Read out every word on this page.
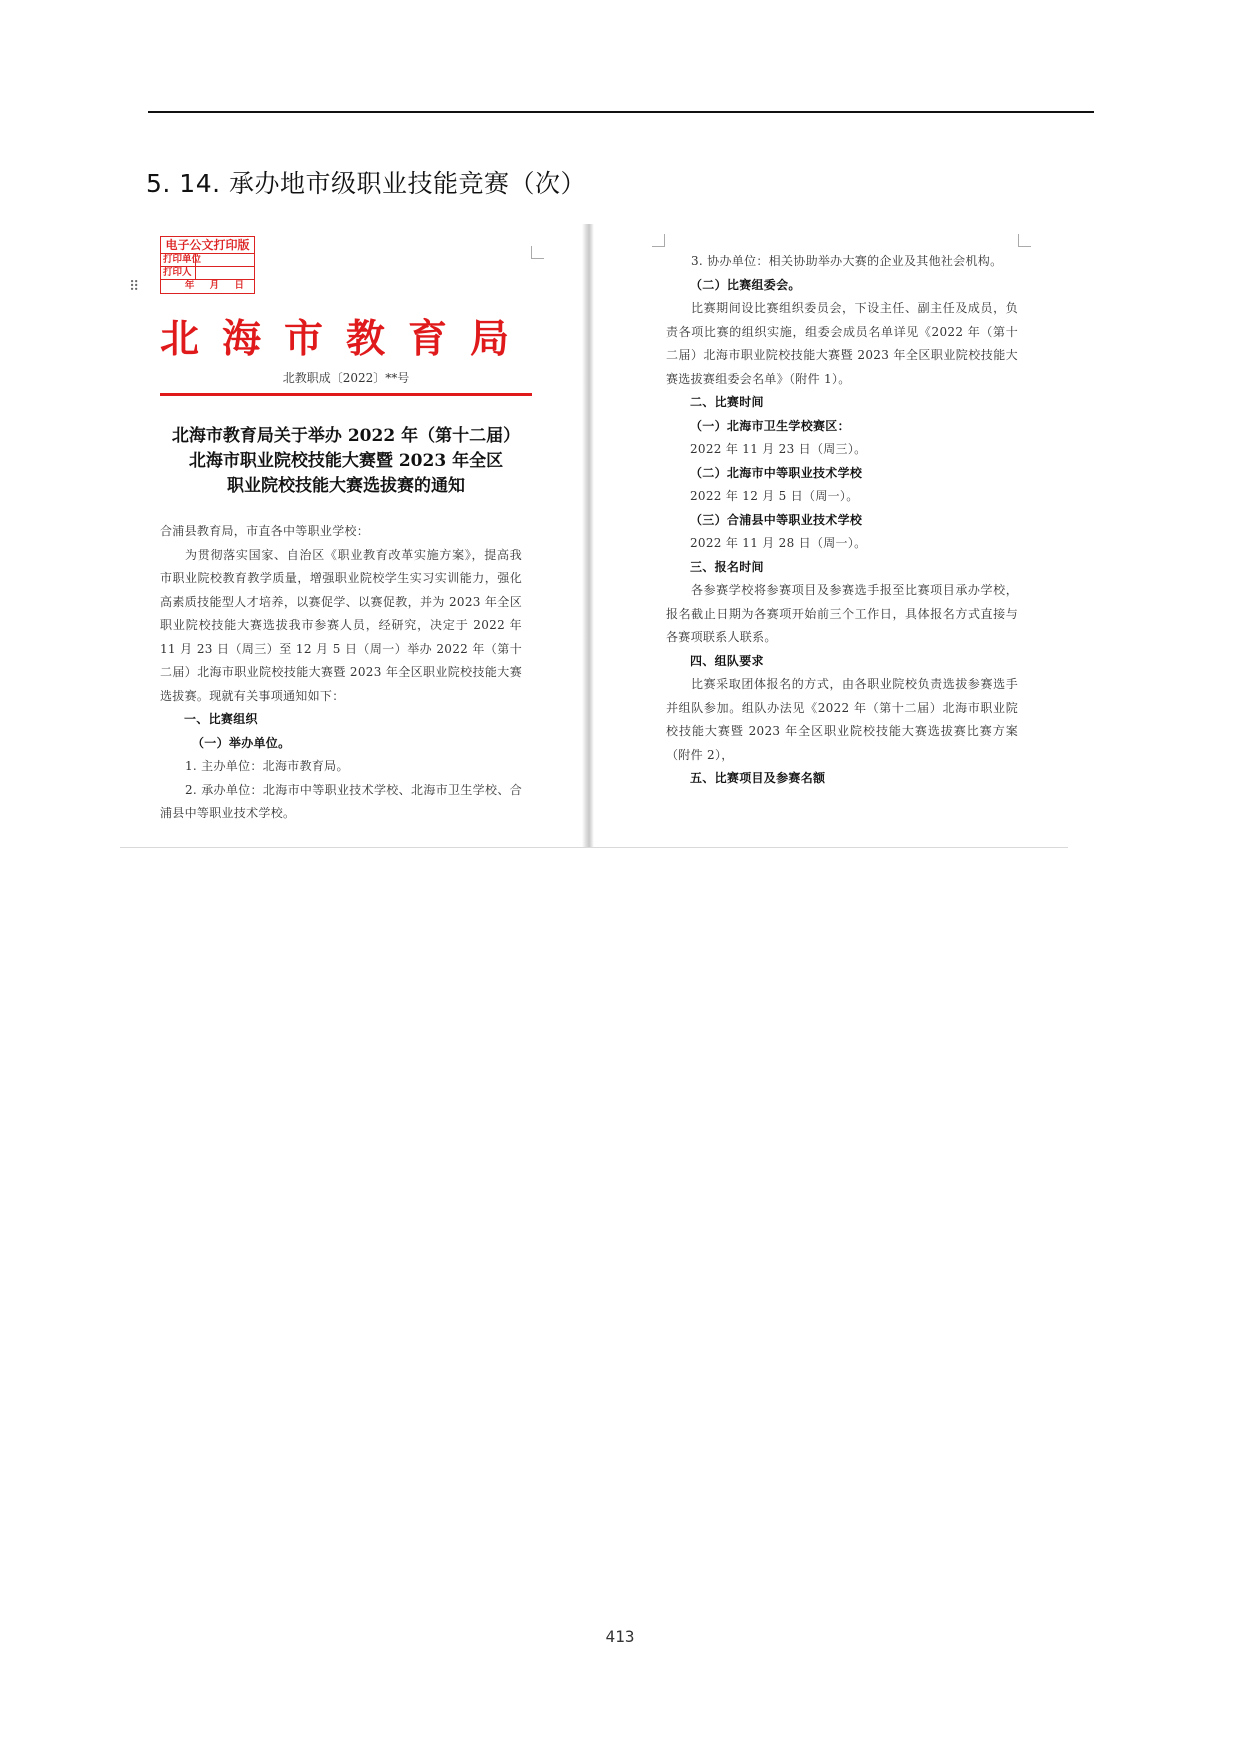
5. 14. 承办地市级职业技能竞赛（次）
⠿
电子公文打印版
打印单位
打印人
年 月 日
北海市教育局
北教职成〔2022〕**号
北海市教育局关于举办 2022 年（第十二届）
北海市职业院校技能大赛暨 2023 年全区
职业院校技能大赛选拔赛的通知

合浦县教育局，市直各中等职业学校：

为贯彻落实国家、自治区《职业教育改革实施方案》，提高我市职业院校教育教学质量，增强职业院校学生实习实训能力，强化高素质技能型人才培养，以赛促学、以赛促教，并为 2023 年全区职业院校技能大赛选拔我市参赛人员，经研究，决定于 2022 年 11 月 23 日（周三）至 12 月 5 日（周一）举办 2022 年（第十二届）北海市职业院校技能大赛暨 2023 年全区职业院校技能大赛选拔赛。现就有关事项通知如下：

一、比赛组织

（一）举办单位。

1. 主办单位：北海市教育局。

2. 承办单位：北海市中等职业技术学校、北海市卫生学校、合浦县中等职业技术学校。

3. 协办单位：相关协助举办大赛的企业及其他社会机构。

（二）比赛组委会。

比赛期间设比赛组织委员会，下设主任、副主任及成员，负责各项比赛的组织实施，组委会成员名单详见《2022 年（第十二届）北海市职业院校技能大赛暨 2023 年全区职业院校技能大赛选拔赛组委会名单》（附件 1）。

二、比赛时间

（一）北海市卫生学校赛区：

2022 年 11 月 23 日（周三）。

（二）北海市中等职业技术学校

2022 年 12 月 5 日（周一）。

（三）合浦县中等职业技术学校

2022 年 11 月 28 日（周一）。

三、报名时间

各参赛学校将参赛项目及参赛选手报至比赛项目承办学校，报名截止日期为各赛项开始前三个工作日，具体报名方式直接与各赛项联系人联系。

四、组队要求

比赛采取团体报名的方式，由各职业院校负责选拔参赛选手并组队参加。组队办法见《2022 年（第十二届）北海市职业院校技能大赛暨 2023 年全区职业院校技能大赛选拔赛比赛方案（附件 2），

五、比赛项目及参赛名额

413
